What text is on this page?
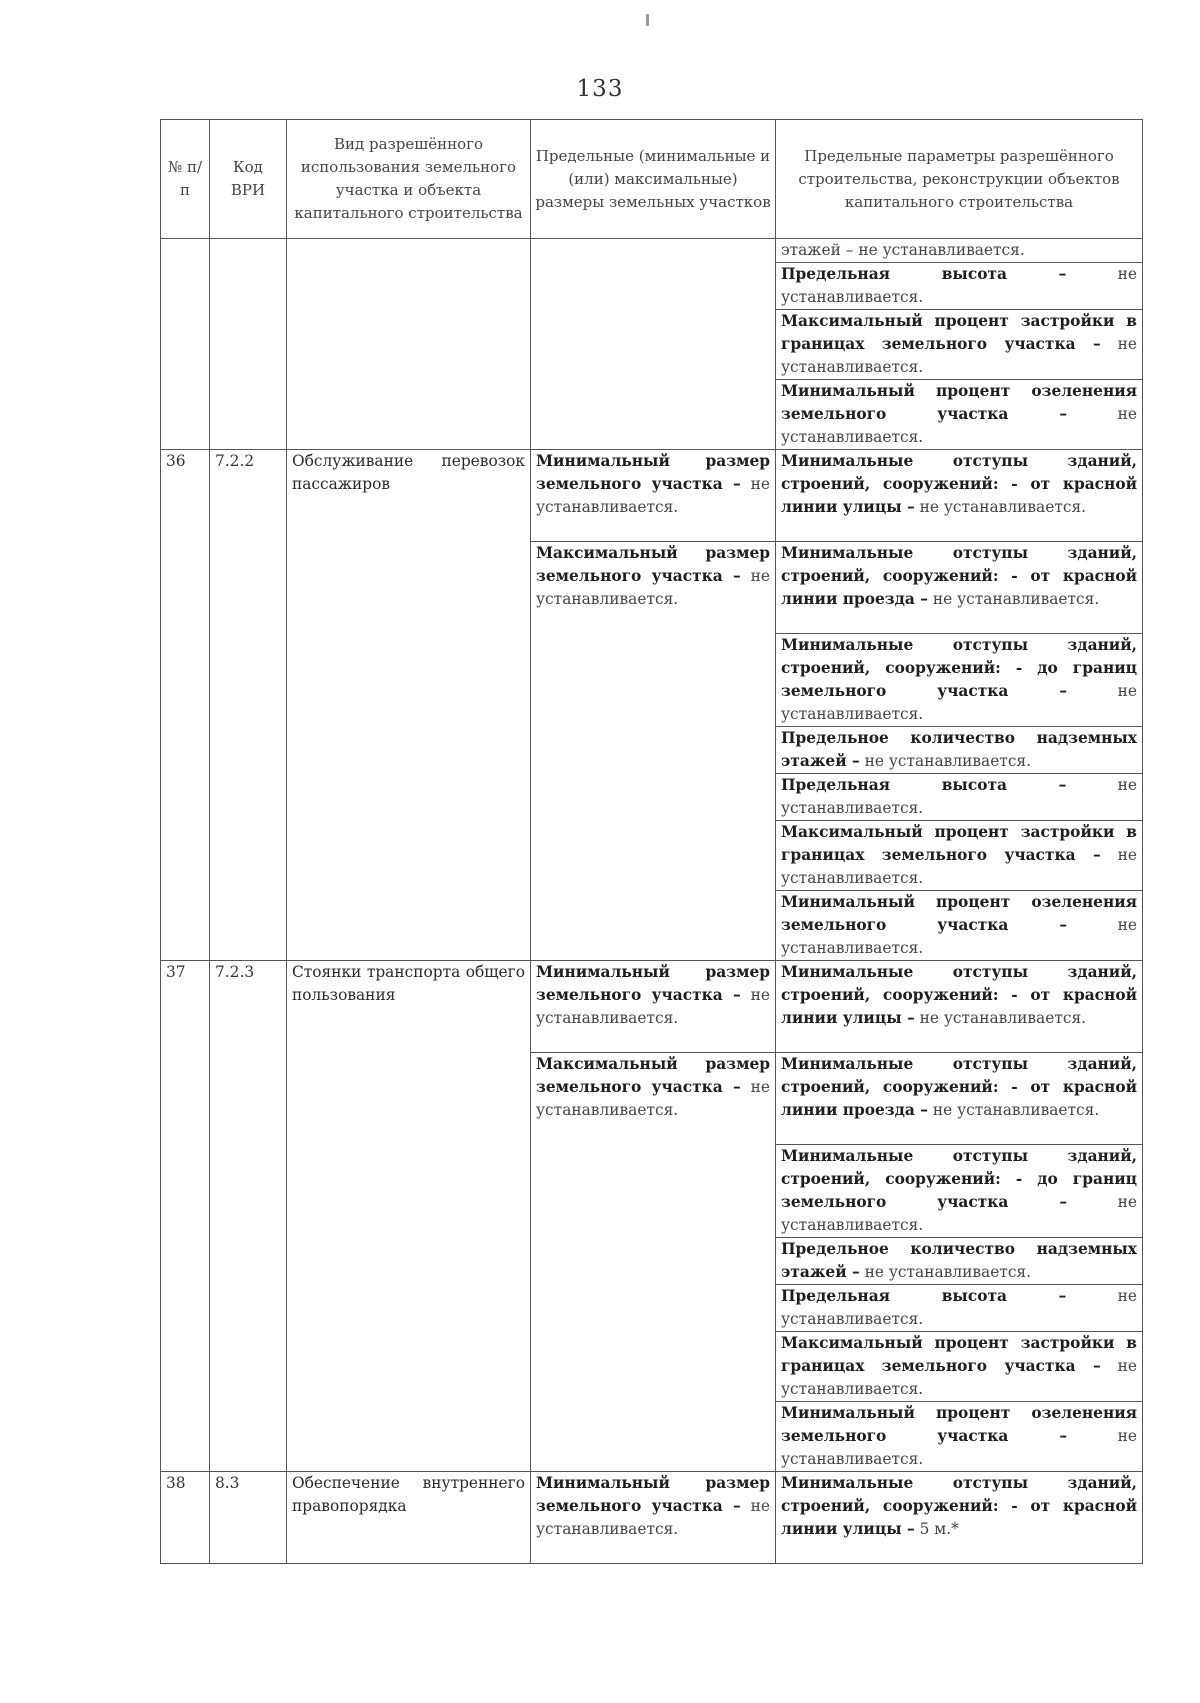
133
№ п/п	Код ВРИ	Вид разрешённого использования земельного участка и объекта капитального строительства	Предельные (минимальные и (или) максимальные) размеры земельных участков	Предельные параметры разрешённого строительства, реконструкции объектов капитального строительства
				этажей – не устанавливается.
				Предельная высота – не устанавливается.
				Максимальный процент застройки в границах земельного участка – не устанавливается.
				Минимальный процент озеленения земельного участка – не устанавливается.
36	7.2.2	Обслуживание перевозок пассажиров	Минимальный размер земельного участка – не устанавливается.	Минимальные отступы зданий, строений, сооружений: - от красной линии улицы – не устанавливается.
			Максимальный размер земельного участка – не устанавливается.	Минимальные отступы зданий, строений, сооружений: - от красной линии проезда – не устанавливается.
				Минимальные отступы зданий, строений, сооружений: - до границ земельного участка – не устанавливается.
				Предельное количество надземных этажей – не устанавливается.
				Предельная высота – не устанавливается.
				Максимальный процент застройки в границах земельного участка – не устанавливается.
				Минимальный процент озеленения земельного участка – не устанавливается.
37	7.2.3	Стоянки транспорта общего пользования	Минимальный размер земельного участка – не устанавливается.	Минимальные отступы зданий, строений, сооружений: - от красной линии улицы – не устанавливается.
			Максимальный размер земельного участка – не устанавливается.	Минимальные отступы зданий, строений, сооружений: - от красной линии проезда – не устанавливается.
				Минимальные отступы зданий, строений, сооружений: - до границ земельного участка – не устанавливается.
				Предельное количество надземных этажей – не устанавливается.
				Предельная высота – не устанавливается.
				Максимальный процент застройки в границах земельного участка – не устанавливается.
				Минимальный процент озеленения земельного участка – не устанавливается.
38	8.3	Обеспечение внутреннего правопорядка	Минимальный размер земельного участка – не устанавливается.	Минимальные отступы зданий, строений, сооружений: - от красной линии улицы – 5 м.*
